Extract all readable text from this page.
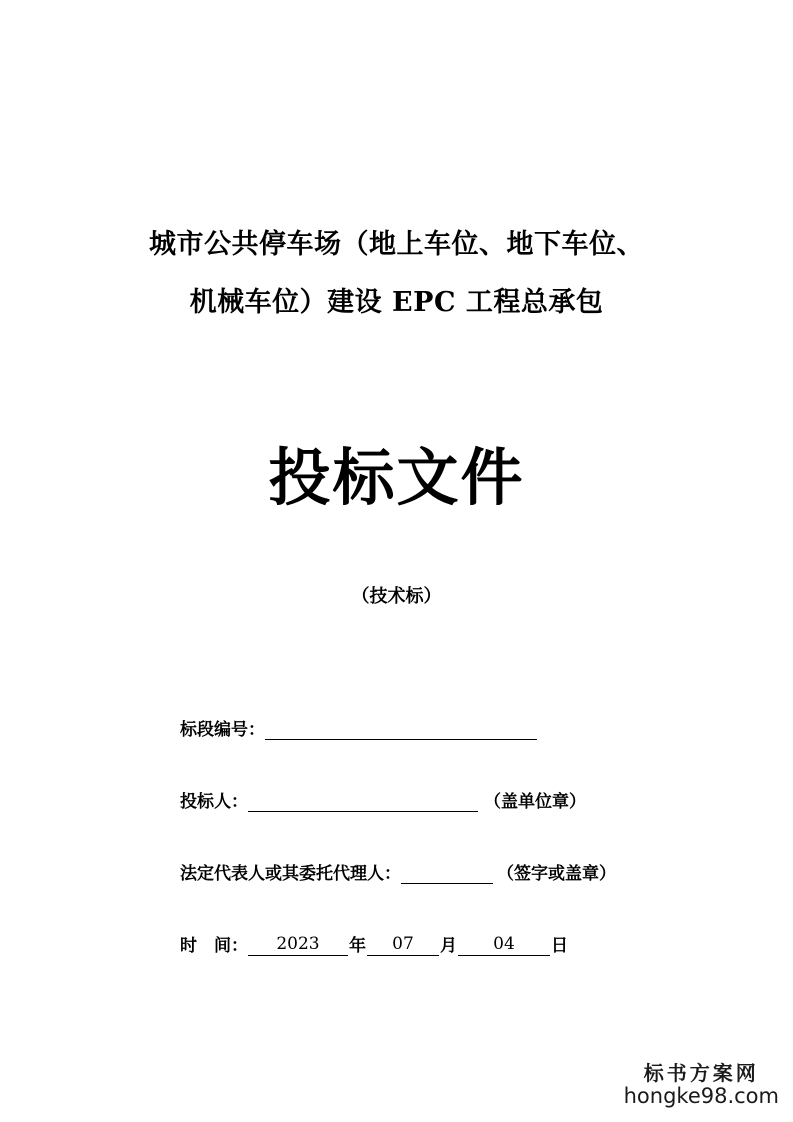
城市公共停车场（地上车位、地下车位、
机械车位）建设 EPC 工程总承包
投标文件
（技术标）
标段编号：
投标人：	（盖单位章）
法定代表人或其委托代理人：	（签字或盖章）
时　间：	2023	年	07	月	04	日
标书方案网
hongke98.com
